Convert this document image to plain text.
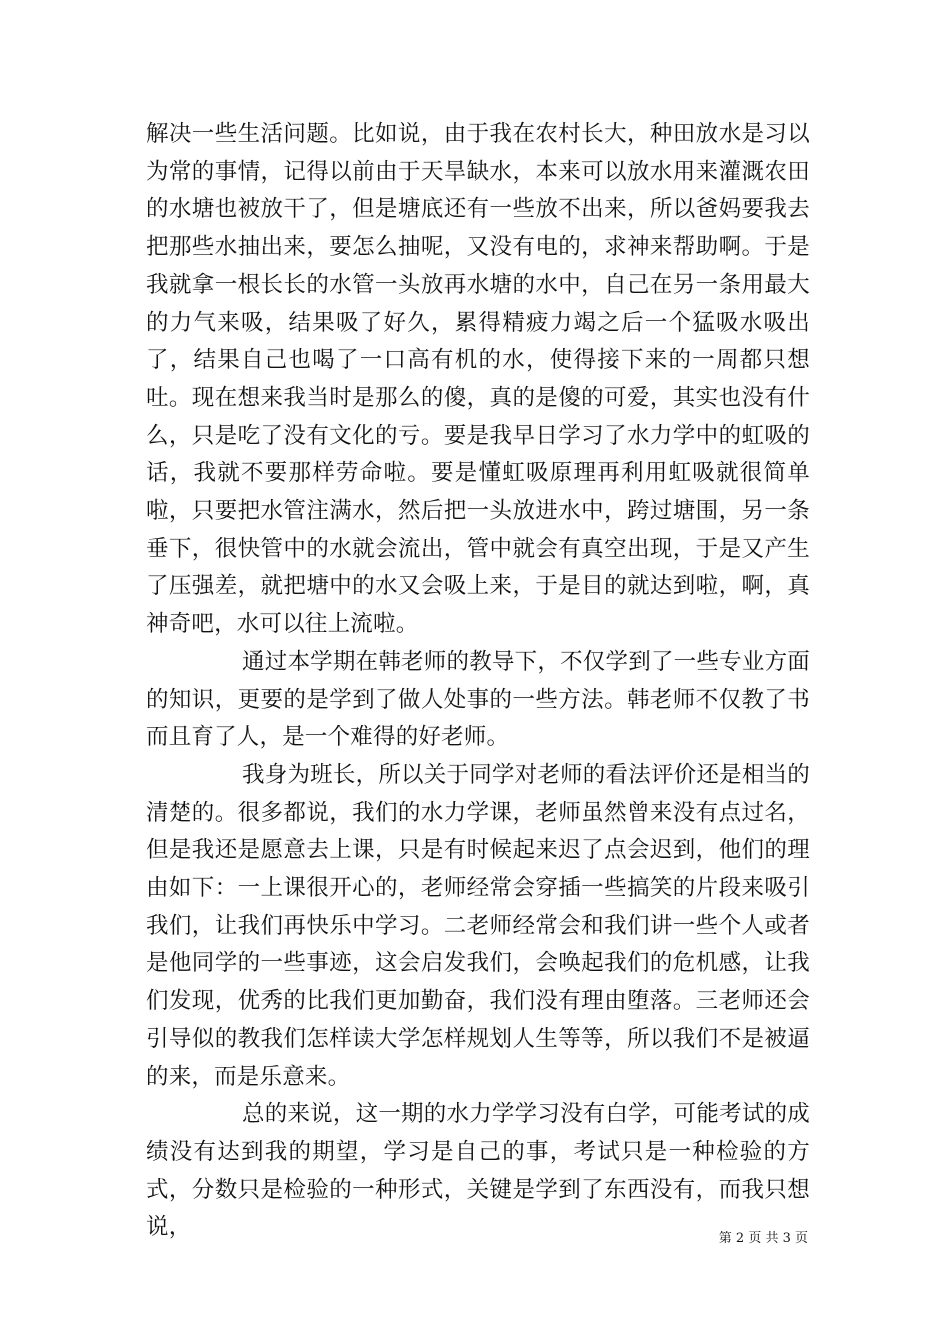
解决一些生活问题。比如说，由于我在农村长大，种田放水是习以为常的事情，记得以前由于天旱缺水，本来可以放水用来灌溉农田的水塘也被放干了，但是塘底还有一些放不出来，所以爸妈要我去把那些水抽出来，要怎么抽呢，又没有电的，求神来帮助啊。于是我就拿一根长长的水管一头放再水塘的水中，自己在另一条用最大的力气来吸，结果吸了好久，累得精疲力竭之后一个猛吸水吸出了，结果自己也喝了一口高有机的水，使得接下来的一周都只想吐。现在想来我当时是那么的傻，真的是傻的可爱，其实也没有什么，只是吃了没有文化的亏。要是我早日学习了水力学中的虹吸的话，我就不要那样劳命啦。要是懂虹吸原理再利用虹吸就很简单啦，只要把水管注满水，然后把一头放进水中，跨过塘围，另一条垂下，很快管中的水就会流出，管中就会有真空出现，于是又产生了压强差，就把塘中的水又会吸上来，于是目的就达到啦，啊，真神奇吧，水可以往上流啦。

通过本学期在韩老师的教导下，不仅学到了一些专业方面的知识，更要的是学到了做人处事的一些方法。韩老师不仅教了书而且育了人，是一个难得的好老师。

我身为班长，所以关于同学对老师的看法评价还是相当的清楚的。很多都说，我们的水力学课，老师虽然曾来没有点过名，但是我还是愿意去上课，只是有时候起来迟了点会迟到，他们的理由如下：一上课很开心的，老师经常会穿插一些搞笑的片段来吸引我们，让我们再快乐中学习。二老师经常会和我们讲一些个人或者是他同学的一些事迹，这会启发我们，会唤起我们的危机感，让我们发现，优秀的比我们更加勤奋，我们没有理由堕落。三老师还会引导似的教我们怎样读大学怎样规划人生等等，所以我们不是被逼的来，而是乐意来。

总的来说，这一期的水力学学习没有白学，可能考试的成绩没有达到我的期望，学习是自己的事，考试只是一种检验的方式，分数只是检验的一种形式，关键是学到了东西没有，而我只想说，	第 2 页 共 3 页
